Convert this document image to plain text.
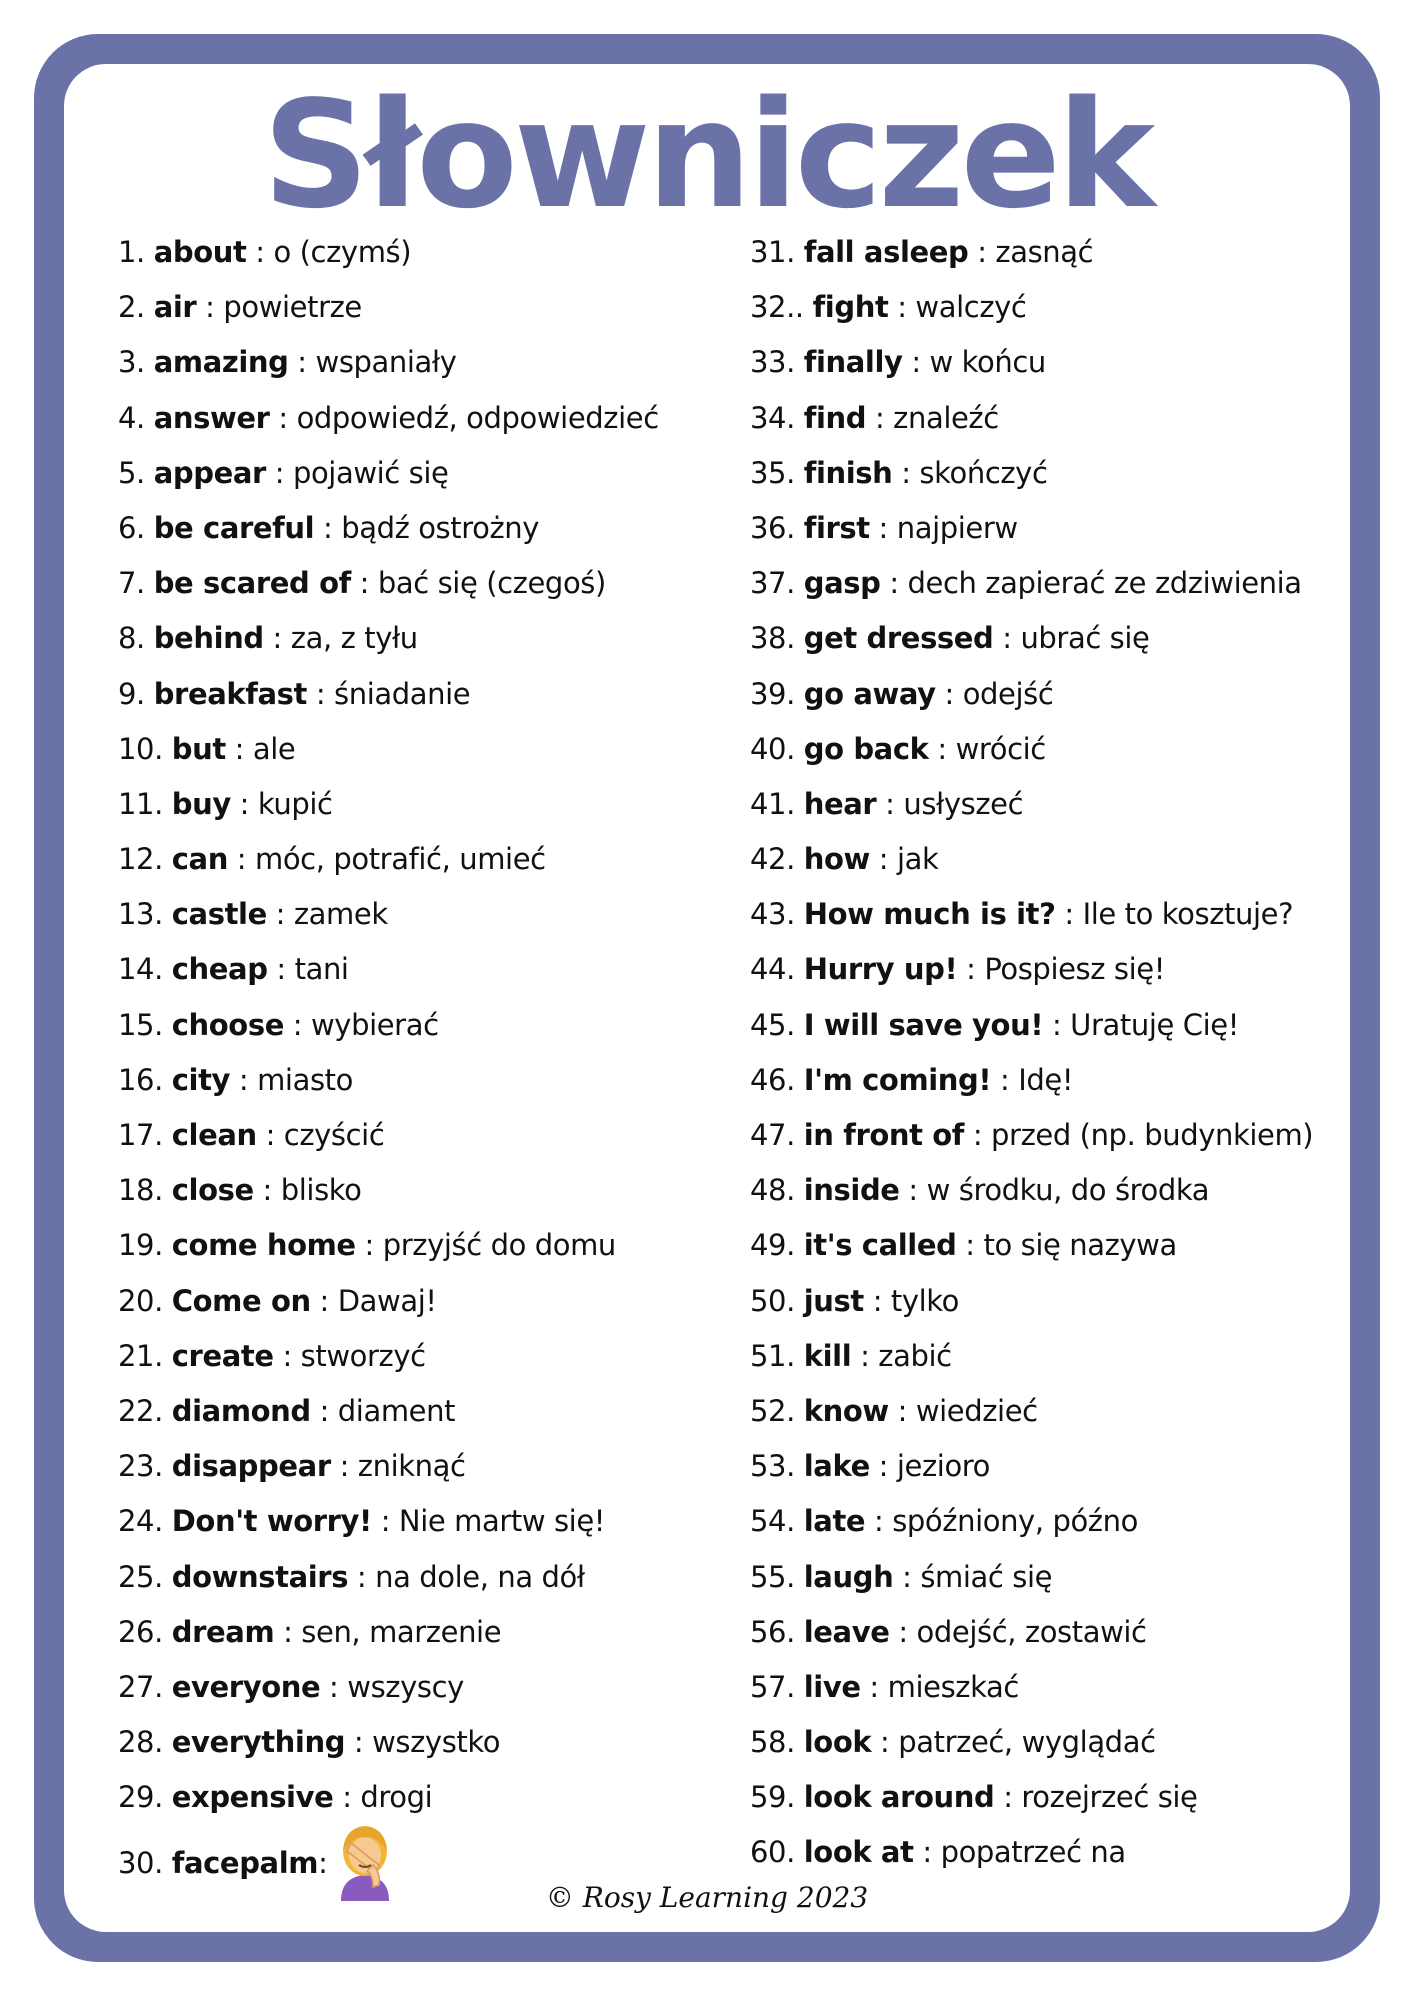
Słowniczek
1. about : o (czymś)
2. air : powietrze
3. amazing : wspaniały
4. answer : odpowiedź, odpowiedzieć
5. appear : pojawić się
6. be careful : bądź ostrożny
7. be scared of : bać się (czegoś)
8. behind : za, z tyłu
9. breakfast : śniadanie
10. but : ale
11. buy : kupić
12. can : móc, potrafić, umieć
13. castle : zamek
14. cheap : tani
15. choose : wybierać
16. city : miasto
17. clean : czyścić
18. close : blisko
19. come home : przyjść do domu
20. Come on : Dawaj!
21. create : stworzyć
22. diamond : diament
23. disappear : zniknąć
24. Don't worry! : Nie martw się!
25. downstairs : na dole, na dół
26. dream : sen, marzenie
27. everyone : wszyscy
28. everything : wszystko
29. expensive : drogi
30. facepalm:
31. fall asleep : zasnąć
32.. fight : walczyć
33. finally : w końcu
34. find : znaleźć
35. finish : skończyć
36. first : najpierw
37. gasp : dech zapierać ze zdziwienia
38. get dressed : ubrać się
39. go away : odejść
40. go back : wrócić
41. hear : usłyszeć
42. how : jak
43. How much is it? : Ile to kosztuje?
44. Hurry up! : Pospiesz się!
45. I will save you! : Uratuję Cię!
46. I'm coming! : Idę!
47. in front of : przed (np. budynkiem)
48. inside : w środku, do środka
49. it's called : to się nazywa
50. just : tylko
51. kill : zabić
52. know : wiedzieć
53. lake : jezioro
54. late : spóźniony, późno
55. laugh : śmiać się
56. leave : odejść, zostawić
57. live : mieszkać
58. look : patrzeć, wyglądać
59. look around : rozejrzeć się
60. look at : popatrzeć na
© Rosy Learning 2023
